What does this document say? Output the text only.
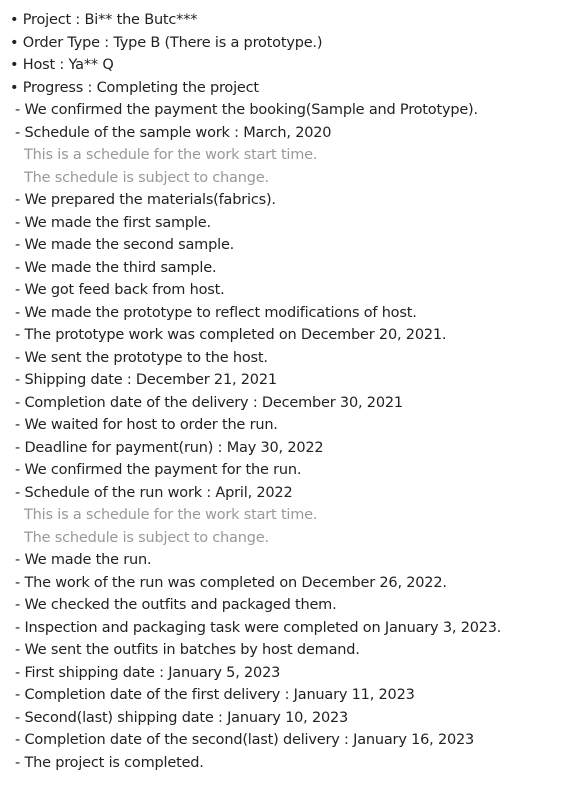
• Project : Bi** the Butc***
• Order Type : Type B (There is a prototype.)
• Host : Ya** Q
• Progress : Completing the project
- We confirmed the payment the booking(Sample and Prototype).
- Schedule of the sample work : March, 2020
This is a schedule for the work start time.
The schedule is subject to change.
- We prepared the materials(fabrics).
- We made the first sample.
- We made the second sample.
- We made the third sample.
- We got feed back from host.
- We made the prototype to reflect modifications of host.
- The prototype work was completed on December 20, 2021.
- We sent the prototype to the host.
- Shipping date : December 21, 2021
- Completion date of the delivery : December 30, 2021
- We waited for host to order the run.
- Deadline for payment(run) : May 30, 2022
- We confirmed the payment for the run.
- Schedule of the run work : April, 2022
This is a schedule for the work start time.
The schedule is subject to change.
- We made the run.
- The work of the run was completed on December 26, 2022.
- We checked the outfits and packaged them.
- Inspection and packaging task were completed on January 3, 2023.
- We sent the outfits in batches by host demand.
- First shipping date : January 5, 2023
- Completion date of the first delivery : January 11, 2023
- Second(last) shipping date : January 10, 2023
- Completion date of the second(last) delivery : January 16, 2023
- The project is completed.
